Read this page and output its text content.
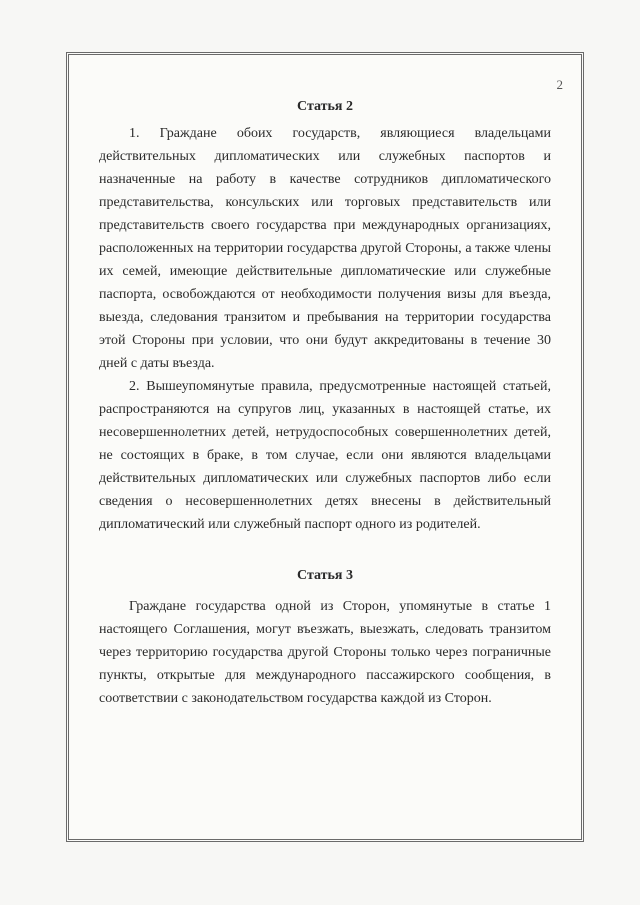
2
Статья 2

1. Граждане обоих государств, являющиеся владельцами действительных дипломатических или служебных паспортов и назначенные на работу в качестве сотрудников дипломатического представительства, консульских или торговых представительств или представительств своего государства при международных организациях, расположенных на территории государства другой Стороны, а также члены их семей, имеющие действительные дипломатические или служебные паспорта, освобождаются от необходимости получения визы для въезда, выезда, следования транзитом и пребывания на территории государства этой Стороны при условии, что они будут аккредитованы в течение 30 дней с даты въезда.

2. Вышеупомянутые правила, предусмотренные настоящей статьей, распространяются на супругов лиц, указанных в настоящей статье, их несовершеннолетних детей, нетрудоспособных совершеннолетних детей, не состоящих в браке, в том случае, если они являются владельцами действительных дипломатических или служебных паспортов либо если сведения о несовершеннолетних детях внесены в действительный дипломатический или служебный паспорт одного из родителей.

Статья 3

Граждане государства одной из Сторон, упомянутые в статье 1 настоящего Соглашения, могут въезжать, выезжать, следовать транзитом через территорию государства другой Стороны только через пограничные пункты, открытые для международного пассажирского сообщения, в соответствии с законодательством государства каждой из Сторон.
